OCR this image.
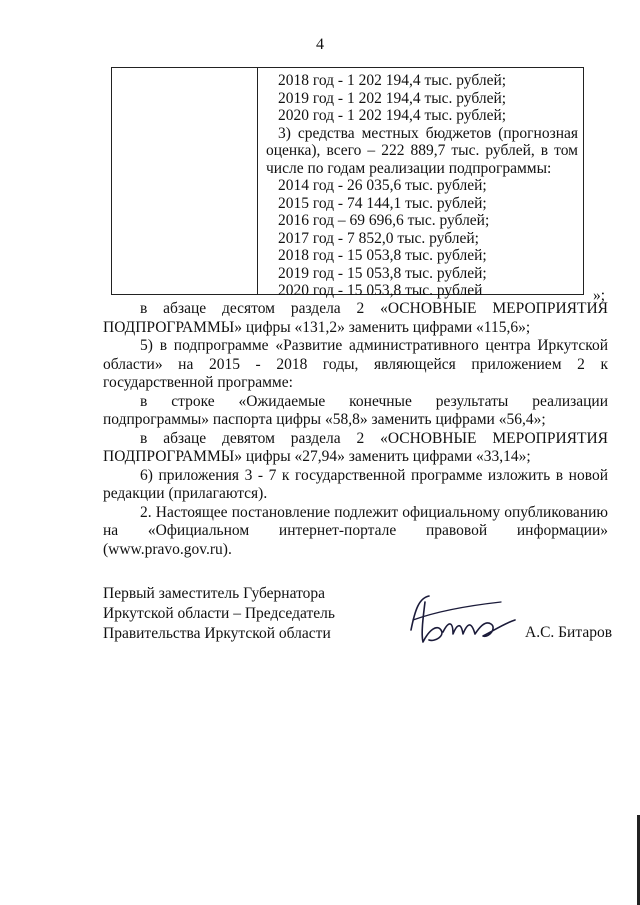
4
2018 год - 1 202 194,4 тыс. рублей;
2019 год - 1 202 194,4 тыс. рублей;
2020 год - 1 202 194,4 тыс. рублей;
3) средства местных бюджетов (прогнозная
оценка), всего – 222 889,7 тыс. рублей, в том
числе по годам реализации подпрограммы:
2014 год - 26 035,6 тыс. рублей;
2015 год - 74 144,1 тыс. рублей;
2016 год – 69 696,6 тыс. рублей;
2017 год - 7 852,0 тыс. рублей;
2018 год - 15 053,8 тыс. рублей;
2019 год - 15 053,8 тыс. рублей;
2020 год - 15 053,8 тыс. рублей	»;

в абзаце десятом раздела 2 «ОСНОВНЫЕ МЕРОПРИЯТИЯ ПОДПРОГРАММЫ» цифры «131,2» заменить цифрами «115,6»;

5) в подпрограмме «Развитие административного центра Иркутской области» на 2015 - 2018 годы, являющейся приложением 2 к государственной программе:

в строке «Ожидаемые конечные результаты реализации подпрограммы» паспорта цифры «58,8» заменить цифрами «56,4»;

в абзаце девятом раздела 2 «ОСНОВНЫЕ МЕРОПРИЯТИЯ ПОДПРОГРАММЫ» цифры «27,94» заменить цифрами «33,14»;

6) приложения 3 - 7 к государственной программе изложить в новой редакции (прилагаются).

2. Настоящее постановление подлежит официальному опубликованию на «Официальном интернет-портале правовой информации» (www.pravo.gov.ru).

Первый заместитель Губернатора
Иркутской области – Председатель
Правительства Иркутской области	А.С. Битаров
